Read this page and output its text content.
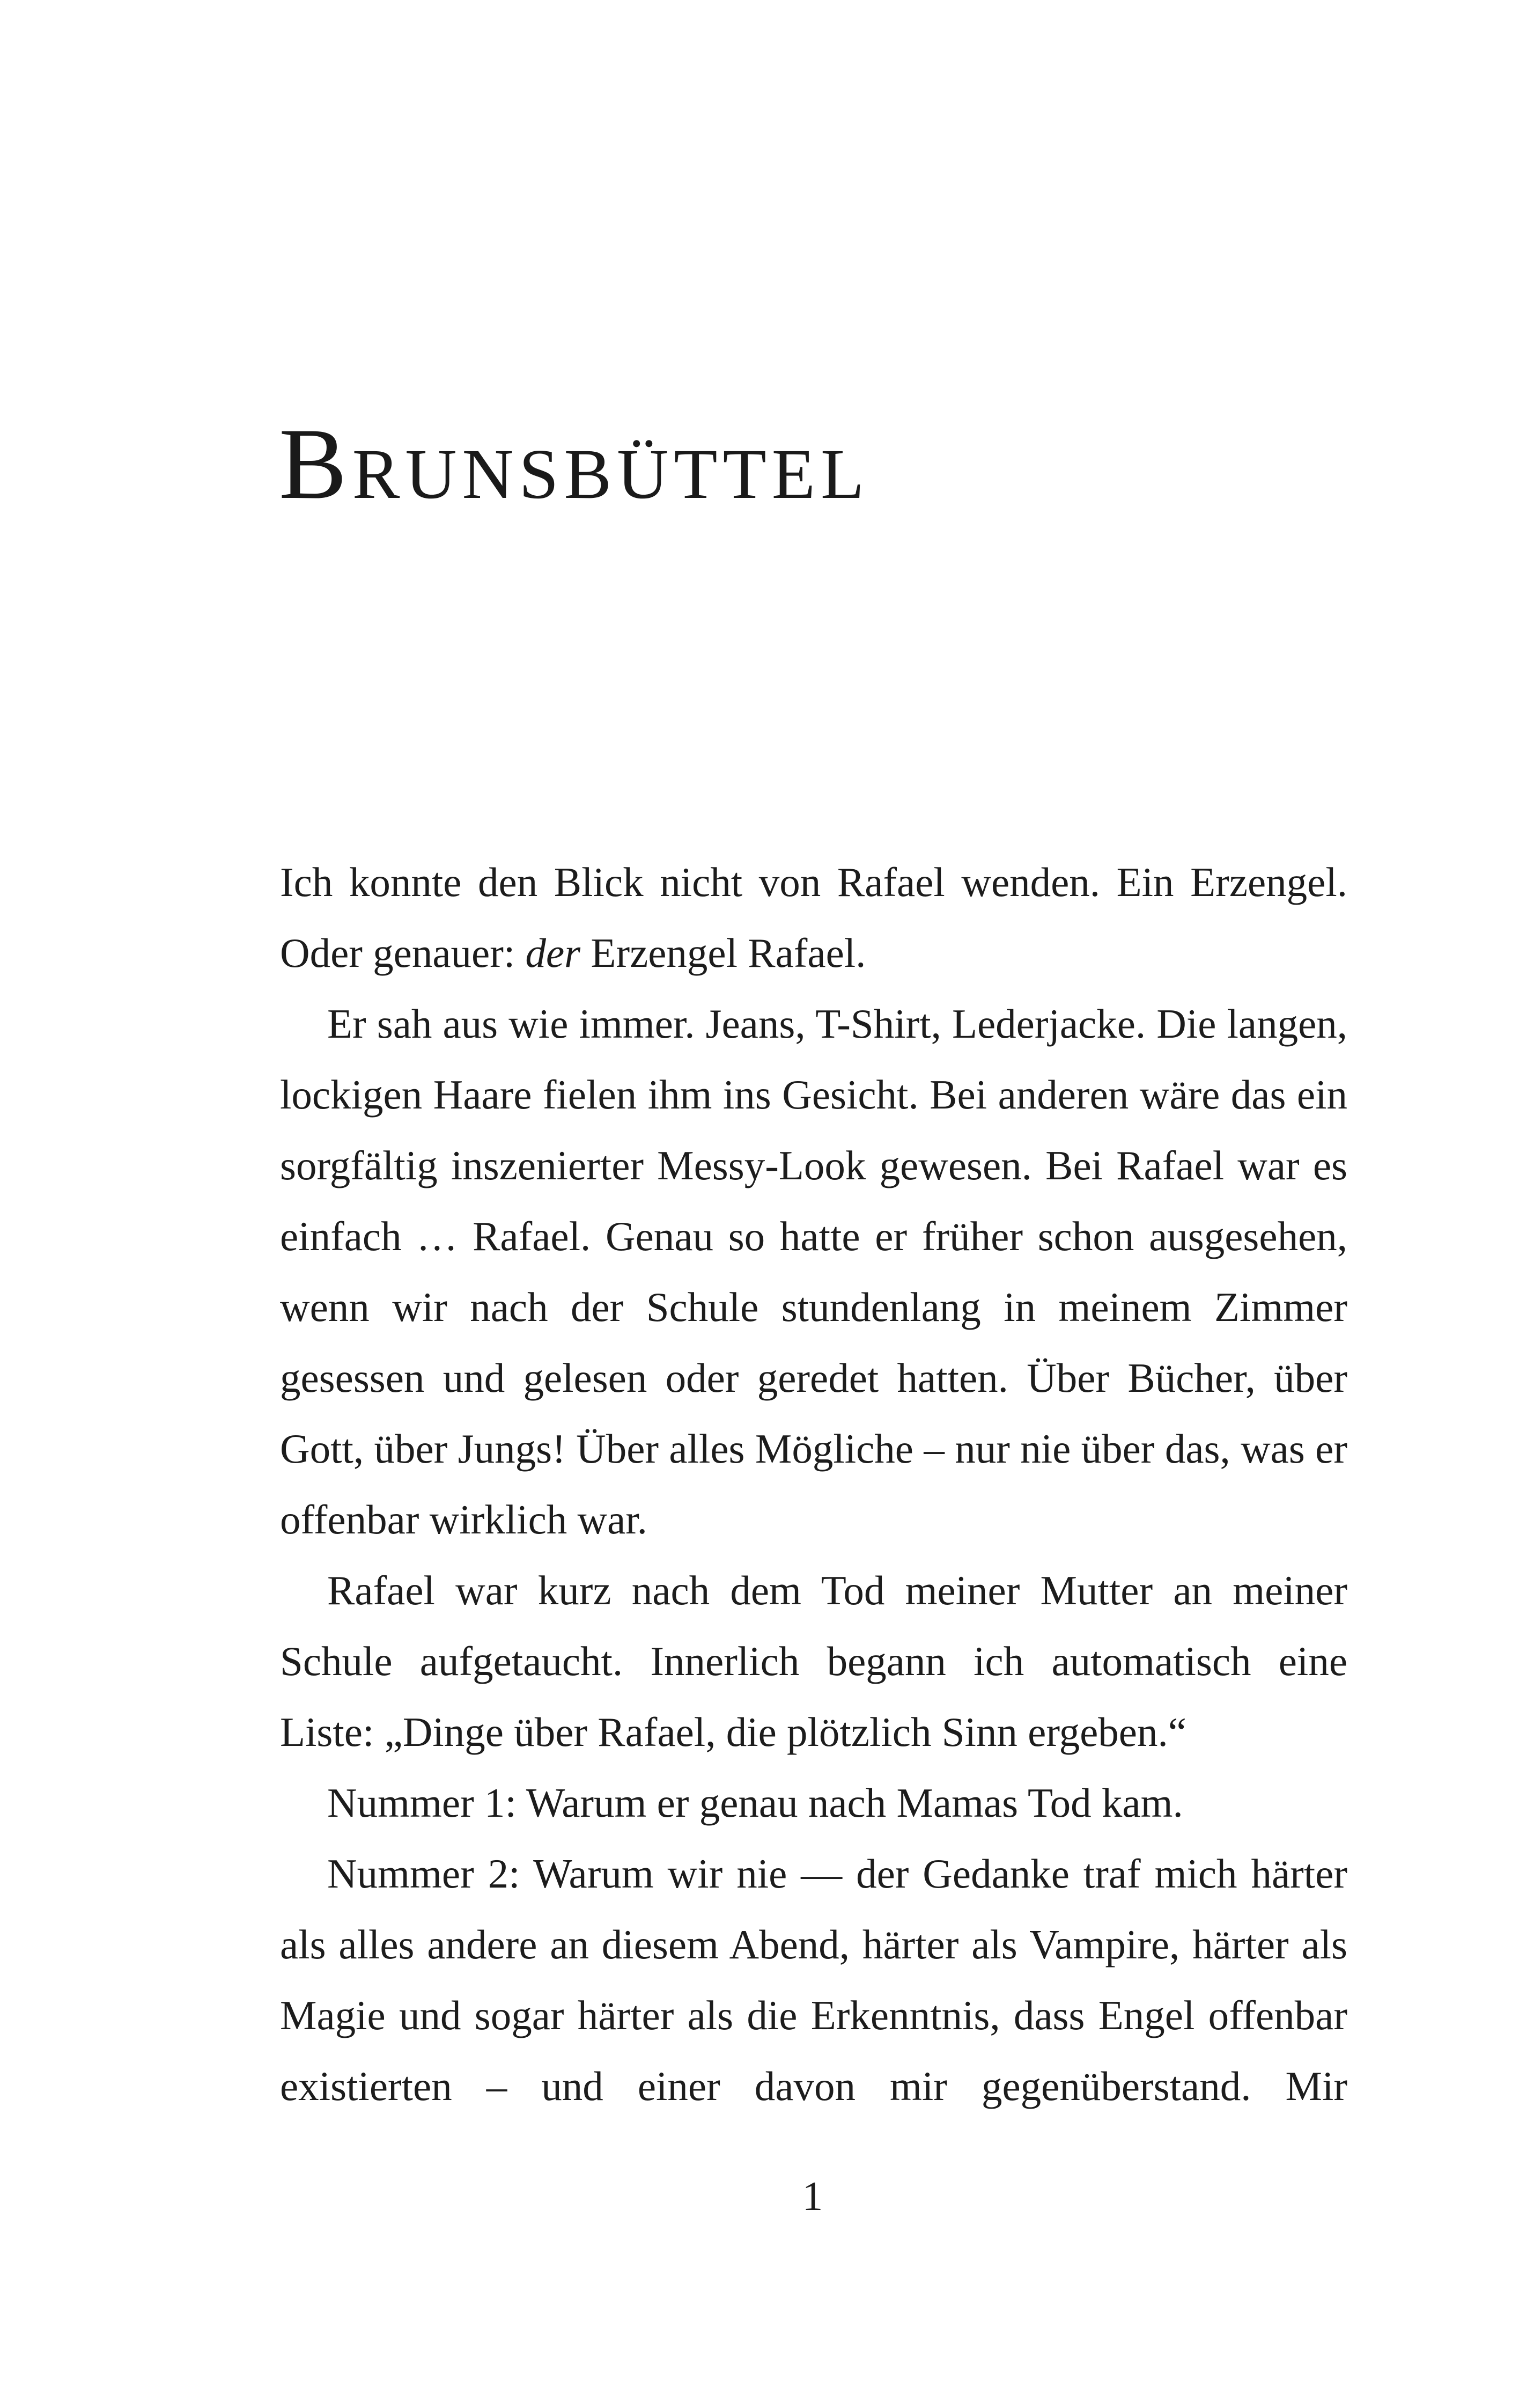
Brunsbüttel

Ich konnte den Blick nicht von Rafael wenden. Ein Erzengel. Oder genauer: der Erzengel Rafael.

Er sah aus wie immer. Jeans, T-Shirt, Lederjacke. Die langen, lockigen Haare fielen ihm ins Gesicht. Bei anderen wäre das ein sorgfältig inszenierter Messy-Look gewesen. Bei Rafael war es einfach … Rafael. Genau so hatte er früher schon ausgesehen, wenn wir nach der Schule stundenlang in meinem Zimmer gesessen und gelesen oder geredet hatten. Über Bücher, über Gott, über Jungs! Über alles Mögliche – nur nie über das, was er offenbar wirklich war.

Rafael war kurz nach dem Tod meiner Mutter an meiner Schule aufgetaucht. Innerlich begann ich automatisch eine Liste: „Dinge über Rafael, die plötzlich Sinn ergeben.“

Nummer 1: Warum er genau nach Mamas Tod kam.

Nummer 2: Warum wir nie — der Gedanke traf mich härter als alles andere an diesem Abend, härter als Vampire, härter als Magie und sogar härter als die Erkenntnis, dass Engel offenbar existierten – und einer davon mir gegenüberstand. Mir

1
